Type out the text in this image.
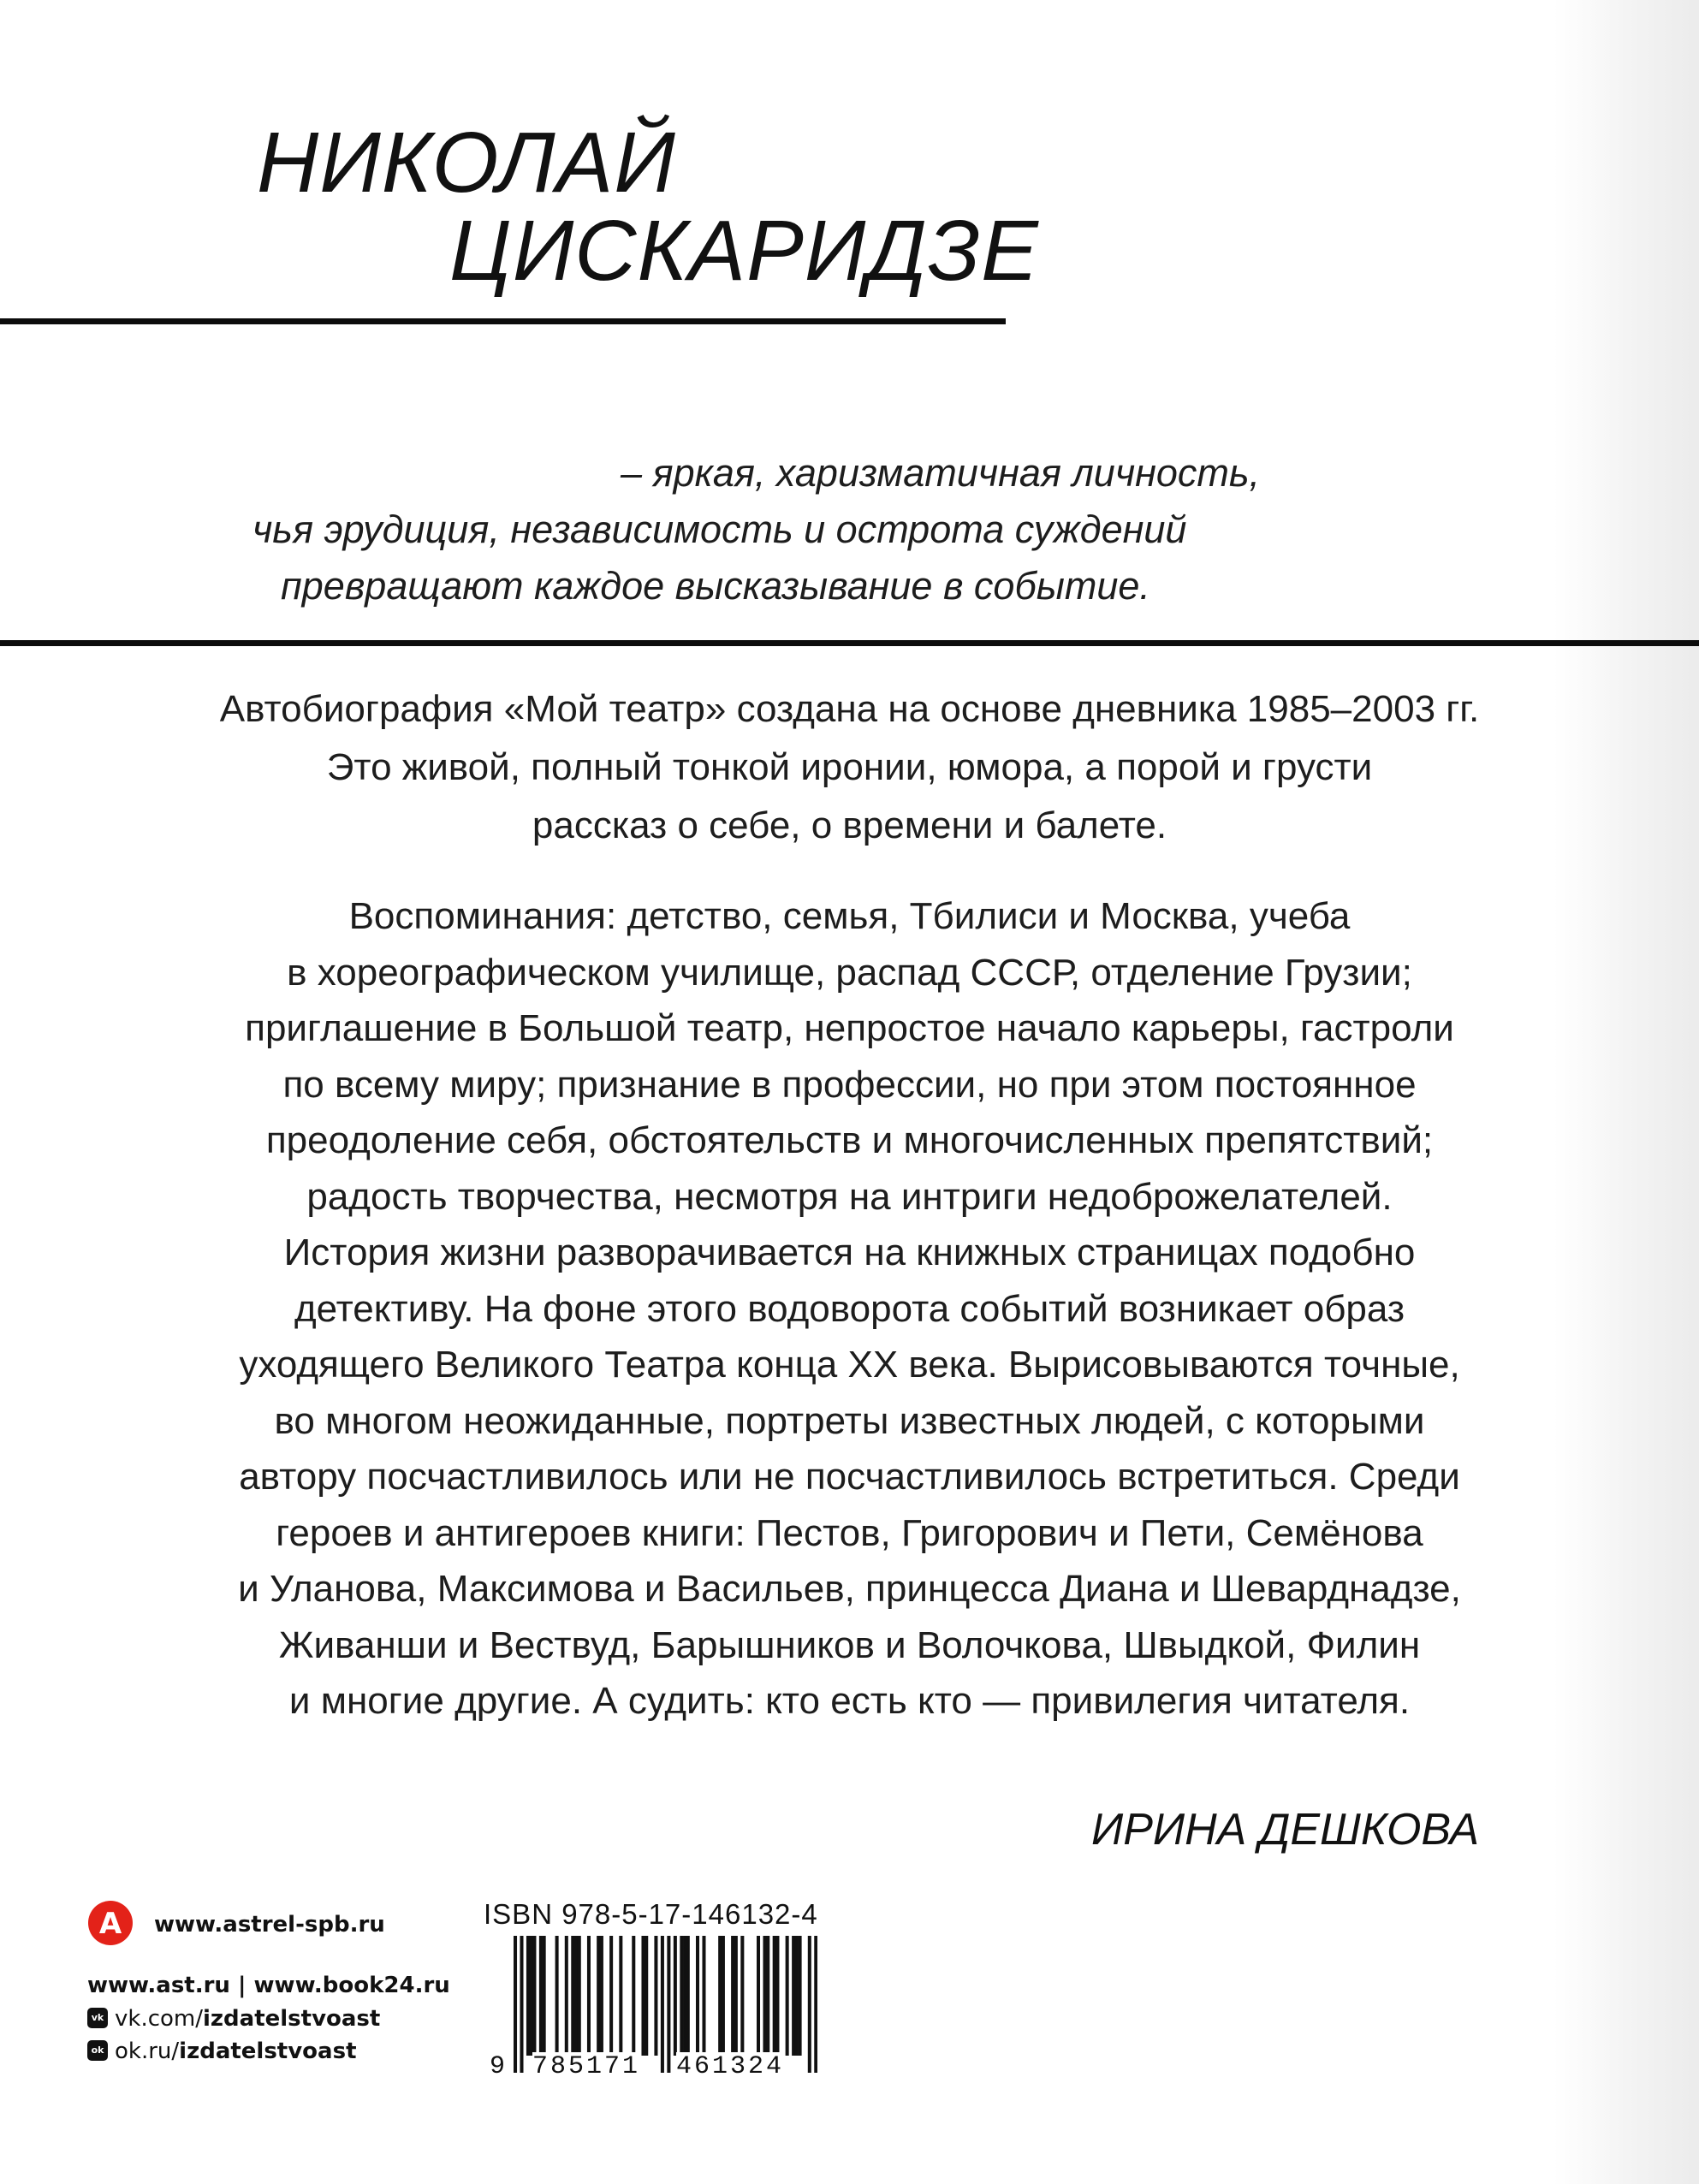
НИКОЛАЙ
ЦИСКАРИДЗЕ
– яркая, харизматичная личность,
чья эрудиция, независимость и острота суждений
превращают каждое высказывание в событие.
Автобиография «Мой театр» создана на основе дневника 1985–2003 гг.
Это живой, полный тонкой иронии, юмора, а порой и грусти
рассказ о себе, о времени и балете.
Воспоминания: детство, семья, Тбилиси и Москва, учеба
в хореографическом училище, распад СССР, отделение Грузии;
приглашение в Большой театр, непростое начало карьеры, гастроли
по всему миру; признание в профессии, но при этом постоянное
преодоление себя, обстоятельств и многочисленных препятствий;
радость творчества, несмотря на интриги недоброжелателей.
История жизни разворачивается на книжных страницах подобно
детективу. На фоне этого водоворота событий возникает образ
уходящего Великого Театра конца ХХ века. Вырисовываются точные,
во многом неожиданные, портреты известных людей, с которыми
автору посчастливилось или не посчастливилось встретиться. Среди
героев и антигероев книги: Пестов, Григорович и Пети, Семёнова
и Уланова, Максимова и Васильев, принцесса Диана и Шеварднадзе,
Живанши и Вествуд, Барышников и Волочкова, Швыдкой, Филин
и многие другие. А судить: кто есть кто — привилегия читателя.
ИРИНА ДЕШКОВА
А www.astrel-spb.ru
www.ast.ru | www.book24.ru
vk vk.com/izdatelstvoast
ok ok.ru/izdatelstvoast
ISBN 978-5-17-146132-4
9 785171 461324
